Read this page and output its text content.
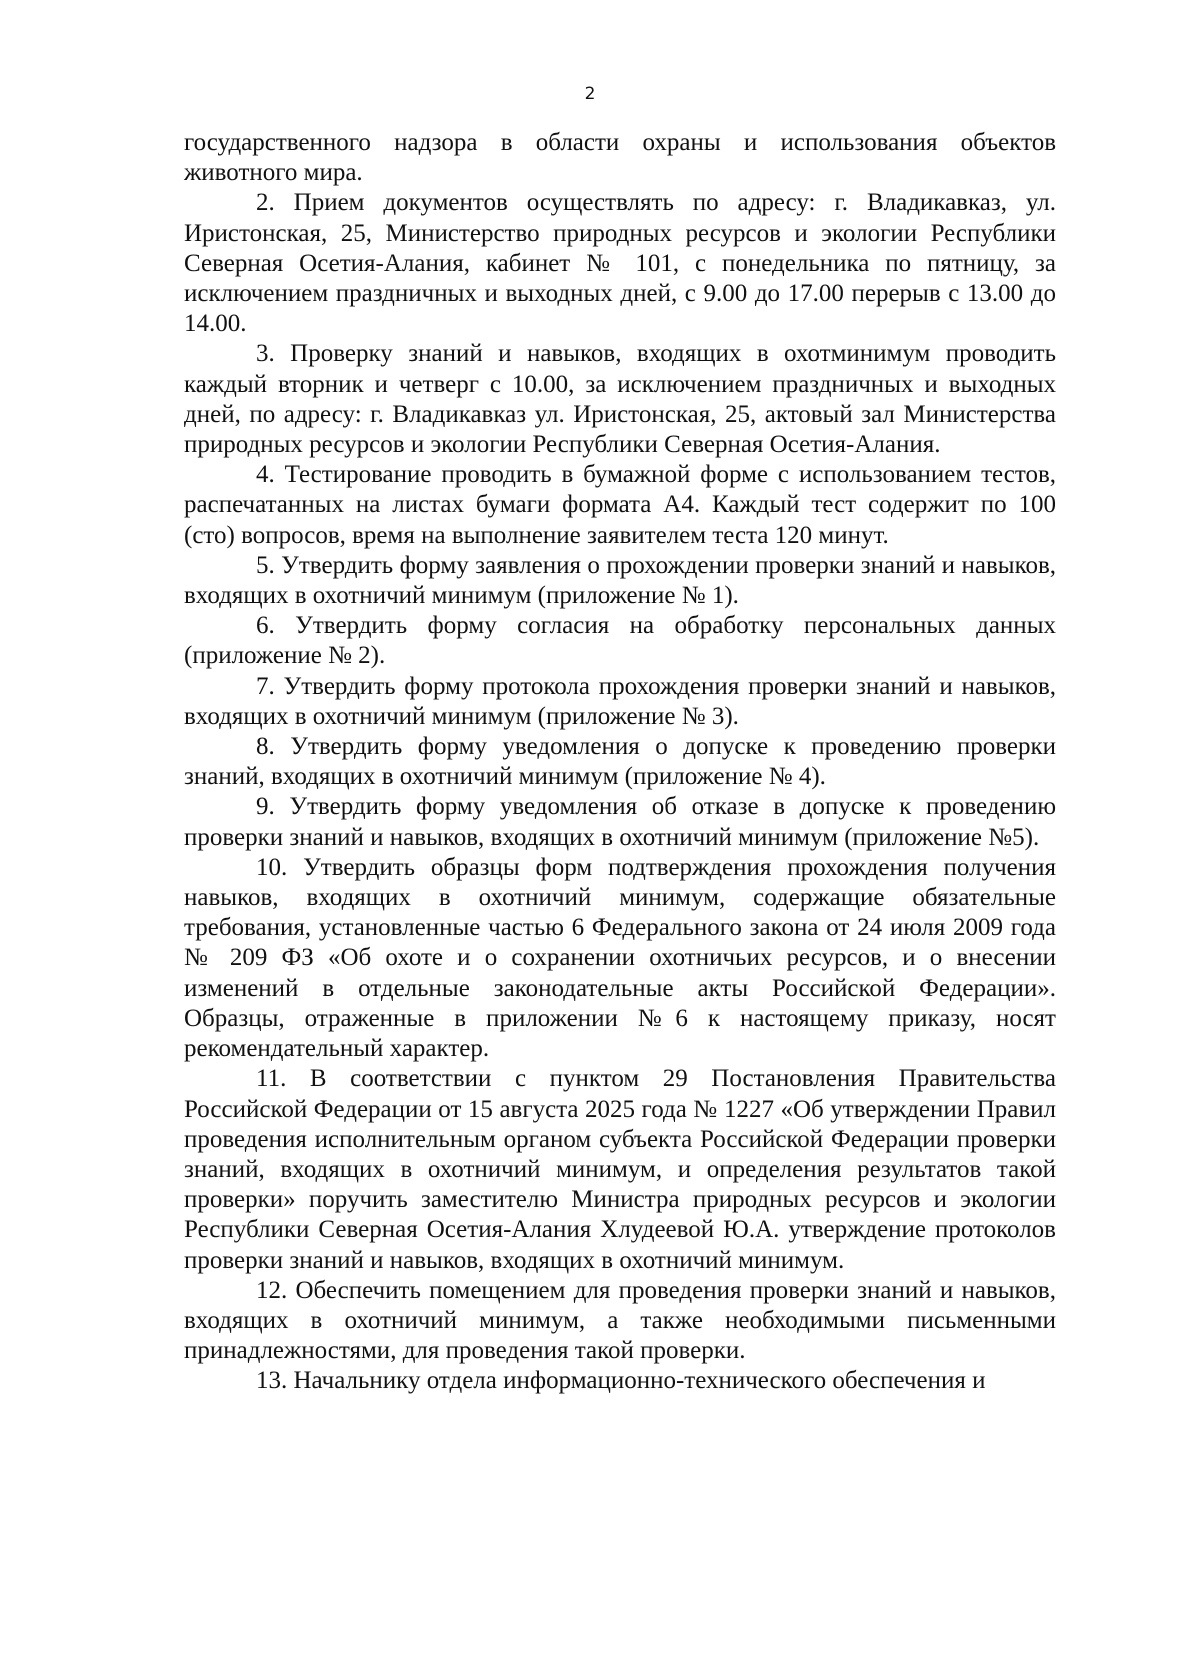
2

государственного надзора в области охраны и использования объектов животного мира.

2. Прием документов осуществлять по адресу: г. Владикавказ, ул. Иристонская, 25, Министерство природных ресурсов и экологии Республики Северная Осетия-Алания, кабинет № 101, с понедельника по пятницу, за исключением праздничных и выходных дней, с 9.00 до 17.00 перерыв с 13.00 до 14.00.

3. Проверку знаний и навыков, входящих в охотминимум проводить каждый вторник и четверг с 10.00, за исключением праздничных и выходных дней, по адресу: г. Владикавказ ул. Иристонская, 25, актовый зал Министерства природных ресурсов и экологии Республики Северная Осетия-Алания.

4. Тестирование проводить в бумажной форме с использованием тестов, распечатанных на листах бумаги формата А4. Каждый тест содержит по 100 (сто) вопросов, время на выполнение заявителем теста 120 минут.

5. Утвердить форму заявления о прохождении проверки знаний и навыков, входящих в охотничий минимум (приложение № 1).

6. Утвердить форму согласия на обработку персональных данных (приложение № 2).

7. Утвердить форму протокола прохождения проверки знаний и навыков, входящих в охотничий минимум (приложение № 3).

8. Утвердить форму уведомления о допуске к проведению проверки знаний, входящих в охотничий минимум (приложение № 4).

9. Утвердить форму уведомления об отказе в допуске к проведению проверки знаний и навыков, входящих в охотничий минимум (приложение №5).

10. Утвердить образцы форм подтверждения прохождения получения навыков, входящих в охотничий минимум, содержащие обязательные требования, установленные частью 6 Федерального закона от 24 июля 2009 года № 209 ФЗ «Об охоте и о сохранении охотничьих ресурсов, и о внесении изменений в отдельные законодательные акты Российской Федерации». Образцы, отраженные в приложении №6 к настоящему приказу, носят рекомендательный характер.

11. В соответствии с пунктом 29 Постановления Правительства Российской Федерации от 15 августа 2025 года № 1227 «Об утверждении Правил проведения исполнительным органом субъекта Российской Федерации проверки знаний, входящих в охотничий минимум, и определения результатов такой проверки» поручить заместителю Министра природных ресурсов и экологии Республики Северная Осетия-Алания Хлудеевой Ю.А. утверждение протоколов проверки знаний и навыков, входящих в охотничий минимум.

12. Обеспечить помещением для проведения проверки знаний и навыков, входящих в охотничий минимум, а также необходимыми письменными принадлежностями, для проведения такой проверки.

13. Начальнику отдела информационно-технического обеспечения и
